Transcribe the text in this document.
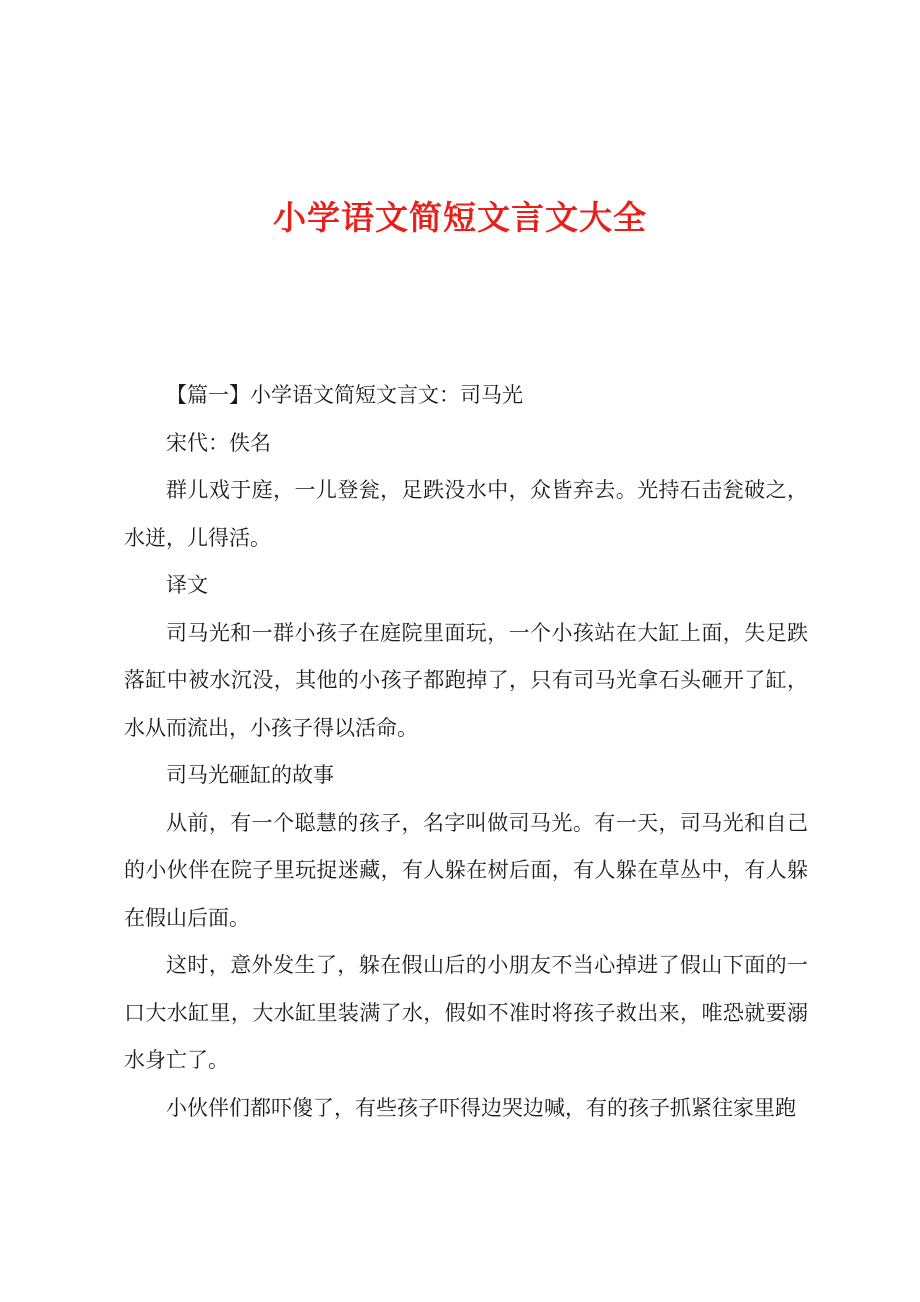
小学语文简短文言文大全

【篇一】小学语文简短文言文：司马光

宋代：佚名

群儿戏于庭，一儿登瓮，足跌没水中，众皆弃去。光持石击瓮破之，水迸，儿得活。

译文

司马光和一群小孩子在庭院里面玩，一个小孩站在大缸上面，失足跌落缸中被水沉没，其他的小孩子都跑掉了，只有司马光拿石头砸开了缸，水从而流出，小孩子得以活命。

司马光砸缸的故事

从前，有一个聪慧的孩子，名字叫做司马光。有一天，司马光和自己的小伙伴在院子里玩捉迷藏，有人躲在树后面，有人躲在草丛中，有人躲在假山后面。

这时，意外发生了，躲在假山后的小朋友不当心掉进了假山下面的一口大水缸里，大水缸里装满了水，假如不准时将孩子救出来，唯恐就要溺水身亡了。

小伙伴们都吓傻了，有些孩子吓得边哭边喊，有的孩子抓紧往家里跑
